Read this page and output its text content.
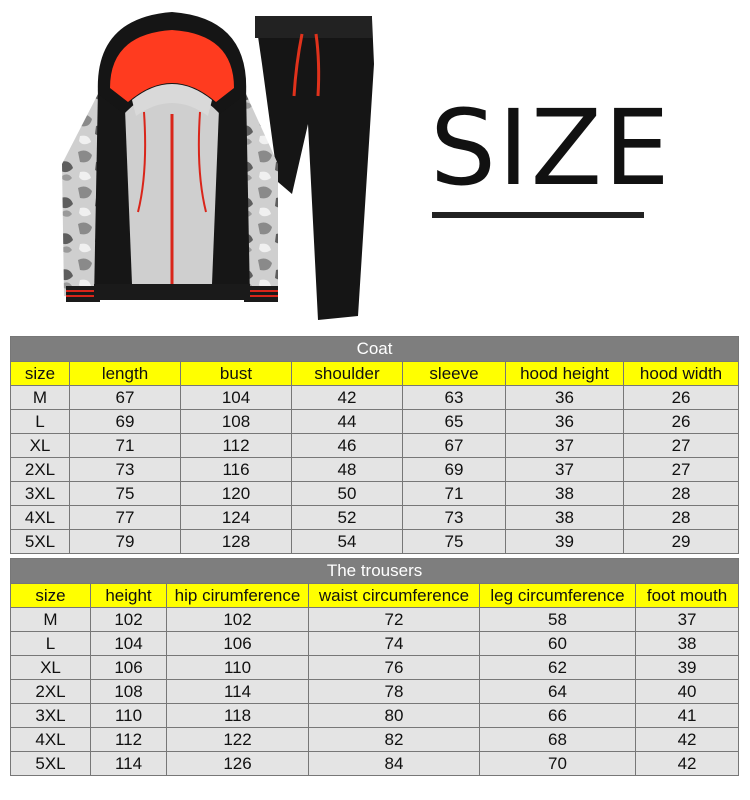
SIZE
Coat						
size	length	bust	shoulder	sleeve	hood height	hood width
M	67	104	42	63	36	26
L	69	108	44	65	36	26
XL	71	112	46	67	37	27
2XL	73	116	48	69	37	27
3XL	75	120	50	71	38	28
4XL	77	124	52	73	38	28
5XL	79	128	54	75	39	29
The trousers					
size	height	hip cirumference	waist circumference	leg circumference	foot mouth
M	102	102	72	58	37
L	104	106	74	60	38
XL	106	110	76	62	39
2XL	108	114	78	64	40
3XL	110	118	80	66	41
4XL	112	122	82	68	42
5XL	114	126	84	70	42
